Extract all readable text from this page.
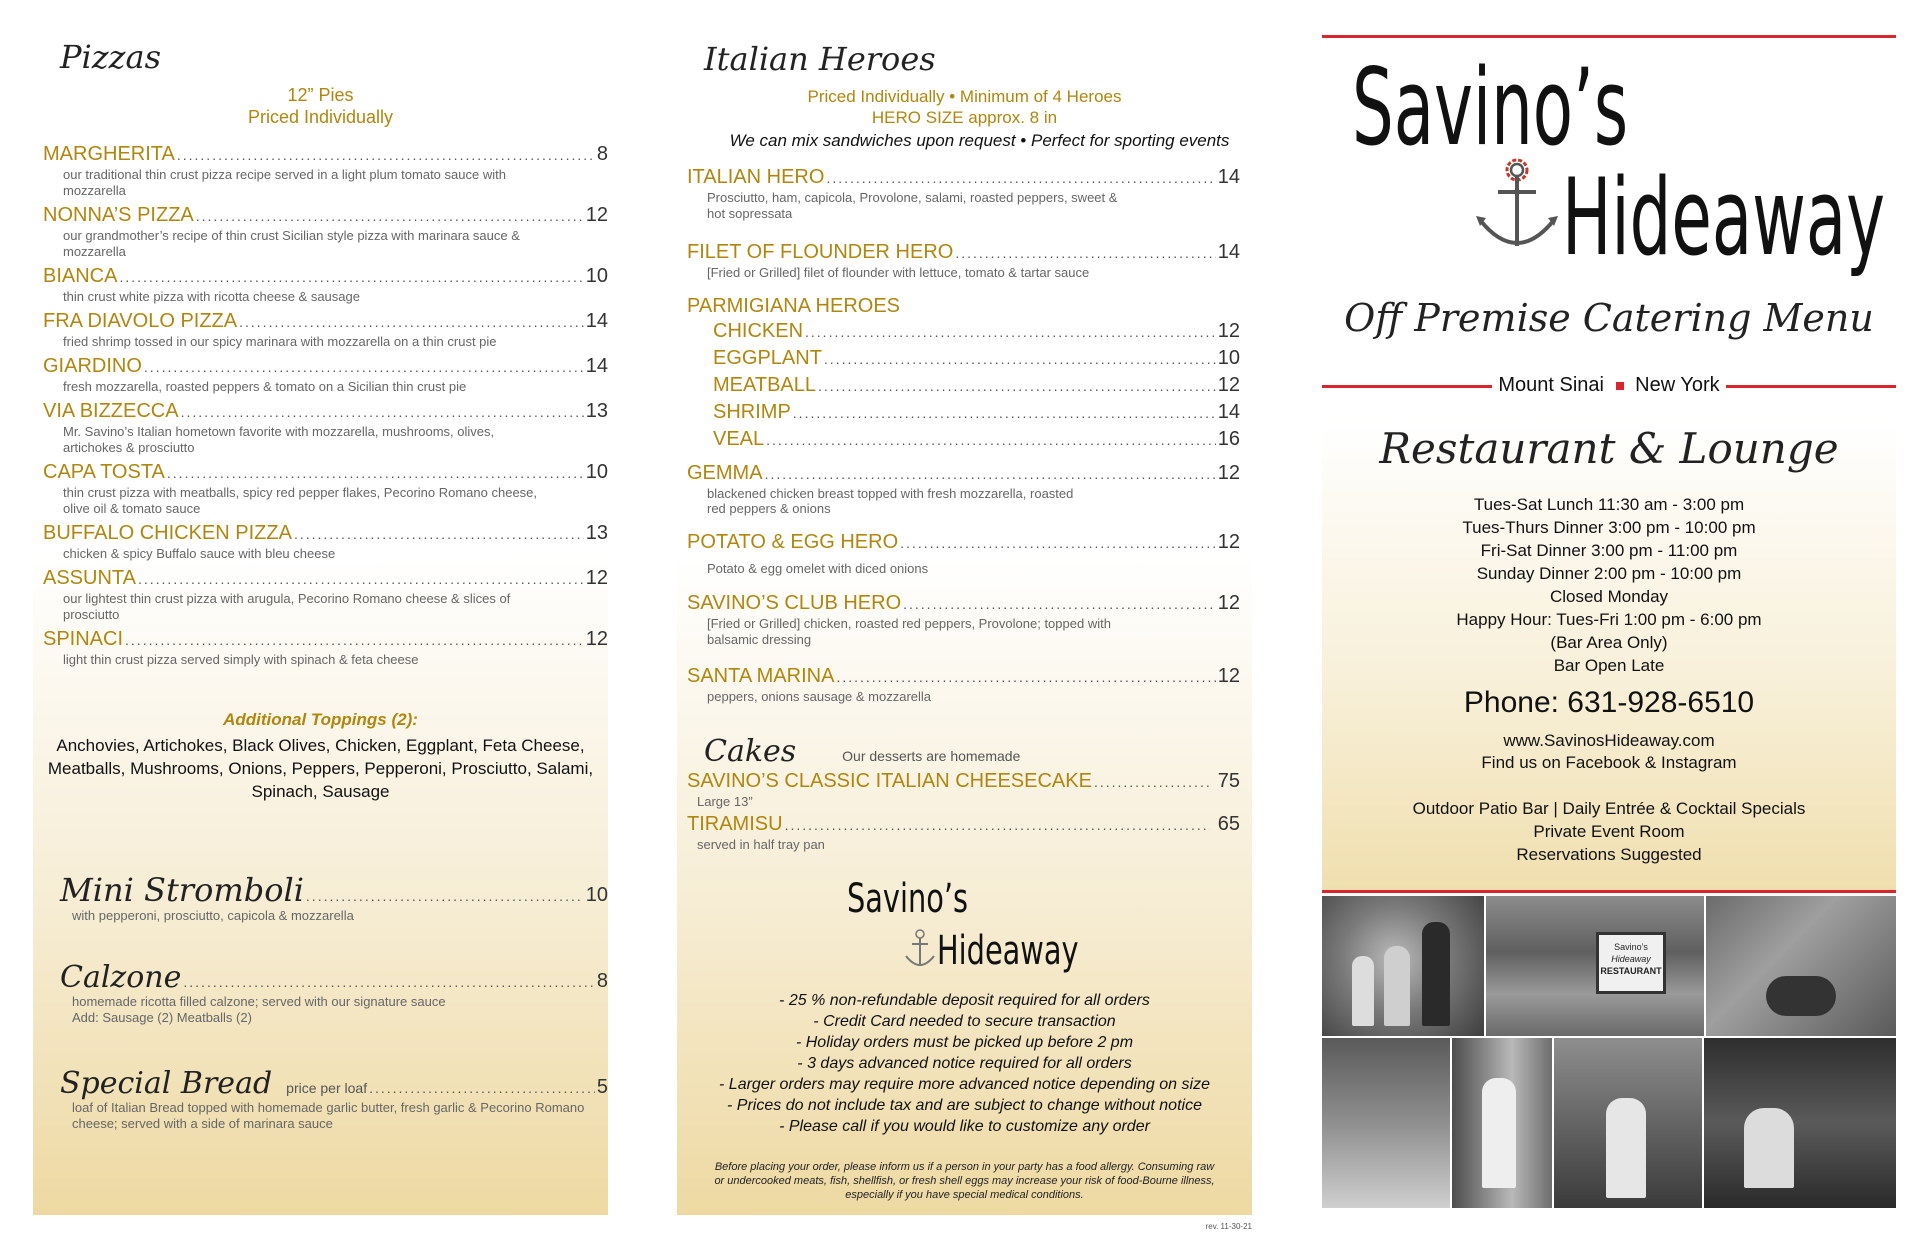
Pizzas
12” Pies
Priced Individually
MARGHERITA .....	8
our traditional thin crust pizza recipe served in a light plum tomato sauce with mozzarella
NONNA’S PIZZA .....	12
our grandmother’s recipe of thin crust Sicilian style pizza with marinara sauce & mozzarella
BIANCA .....	10
thin crust white pizza with ricotta cheese & sausage
FRA DIAVOLO PIZZA .....	14
fried shrimp tossed in our spicy marinara with mozzarella on a thin crust pie
GIARDINO .....	14
fresh mozzarella, roasted peppers & tomato on a Sicilian thin crust pie
VIA BIZZECCA .....	13
Mr. Savino’s Italian hometown favorite with mozzarella, mushrooms, olives, artichokes & prosciutto
CAPA TOSTA .....	10
thin crust pizza with meatballs, spicy red pepper flakes, Pecorino Romano cheese, olive oil & tomato sauce
BUFFALO CHICKEN PIZZA .....	13
chicken & spicy Buffalo sauce with bleu cheese
ASSUNTA .....	12
our lightest thin crust pizza with arugula, Pecorino Romano cheese & slices of prosciutto
SPINACI .....	12
light thin crust pizza served simply with spinach & feta cheese
Additional Toppings (2):
Anchovies, Artichokes, Black Olives, Chicken, Eggplant, Feta Cheese, Meatballs, Mushrooms, Onions, Peppers, Pepperoni, Prosciutto, Salami, Spinach, Sausage
Mini Stromboli .....	10
with pepperoni, prosciutto, capicola & mozzarella
Calzone .....	8
homemade ricotta filled calzone; served with our signature sauce
Add: Sausage (2) Meatballs (2)
Special Bread price per loaf .....	5
loaf of Italian Bread topped with homemade garlic butter, fresh garlic & Pecorino Romano cheese; served with a side of marinara sauce
Italian Heroes
Priced Individually • Minimum of 4 Heroes
HERO SIZE approx. 8 in
We can mix sandwiches upon request • Perfect for sporting events
ITALIAN HERO .....	14
Prosciutto, ham, capicola, Provolone, salami, roasted peppers, sweet & hot sopressata
FILET OF FLOUNDER HERO .....	14
[Fried or Grilled] filet of flounder with lettuce, tomato & tartar sauce
PARMIGIANA HEROES
CHICKEN .....	12
EGGPLANT .....	10
MEATBALL .....	12
SHRIMP .....	14
VEAL .....	16
GEMMA .....	12
blackened chicken breast topped with fresh mozzarella, roasted red peppers & onions
POTATO & EGG HERO .....	12
Potato & egg omelet with diced onions
SAVINO’S CLUB HERO .....	12
[Fried or Grilled] chicken, roasted red peppers, Provolone; topped with balsamic dressing
SANTA MARINA .....	12
peppers, onions sausage & mozzarella
Cakes	Our desserts are homemade
SAVINO’S CLASSIC ITALIAN CHEESECAKE .....	75
Large 13”
TIRAMISU .....	65
served in half tray pan
Savino’s
Hideaway
- 25 % non-refundable deposit required for all orders
- Credit Card needed to secure transaction
- Holiday orders must be picked up before 2 pm
- 3 days advanced notice required for all orders
- Larger orders may require more advanced notice depending on size
- Prices do not include tax and are subject to change without notice
- Please call if you would like to customize any order
Before placing your order, please inform us if a person in your party has a food allergy. Consuming raw or undercooked meats, fish, shellfish, or fresh shell eggs may increase your risk of food-Bourne illness, especially if you have special medical conditions.
rev. 11-30-21
Savino’s
Hideaway
Off Premise Catering Menu
Mount Sinai New York
Restaurant & Lounge
Tues-Sat Lunch 11:30 am - 3:00 pm
Tues-Thurs Dinner 3:00 pm - 10:00 pm
Fri-Sat Dinner 3:00 pm - 11:00 pm
Sunday Dinner 2:00 pm - 10:00 pm
Closed Monday
Happy Hour: Tues-Fri 1:00 pm - 6:00 pm
(Bar Area Only)
Bar Open Late
Phone: 631-928-6510
www.SavinosHideaway.com
Find us on Facebook & Instagram
Outdoor Patio Bar | Daily Entrée & Cocktail Specials
Private Event Room
Reservations Suggested
Savino’s
Hideaway
RESTAURANT
